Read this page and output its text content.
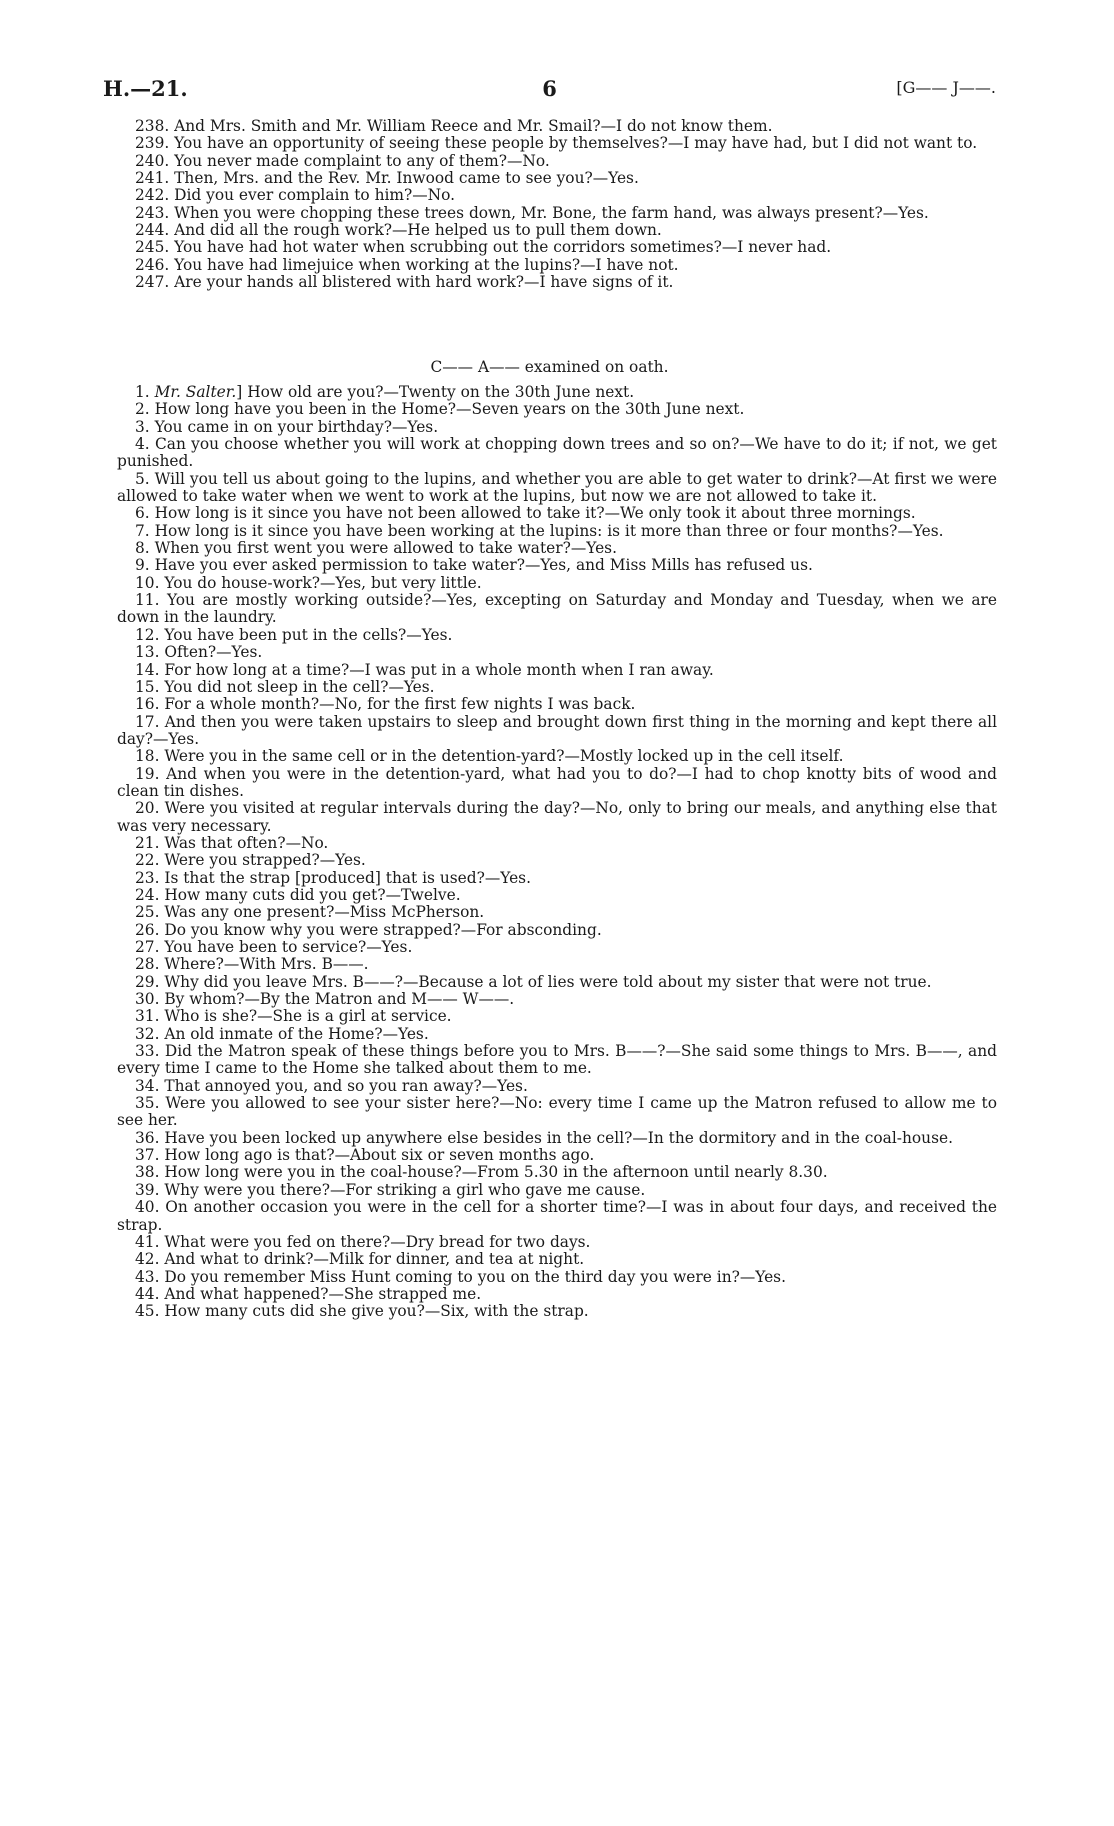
H.—21.	6	[G—— J——.

238. And Mrs. Smith and Mr. William Reece and Mr. Smail?—I do not know them.

239. You have an opportunity of seeing these people by themselves?—I may have had, but I did not want to.

240. You never made complaint to any of them?—No.

241. Then, Mrs. and the Rev. Mr. Inwood came to see you?—Yes.

242. Did you ever complain to him?—No.

243. When you were chopping these trees down, Mr. Bone, the farm hand, was always present?—Yes.

244. And did all the rough work?—He helped us to pull them down.

245. You have had hot water when scrubbing out the corridors sometimes?—I never had.

246. You have had limejuice when working at the lupins?—I have not.

247. Are your hands all blistered with hard work?—I have signs of it.

C—— A—— examined on oath.

1. Mr. Salter.] How old are you?—Twenty on the 30th June next.

2. How long have you been in the Home?—Seven years on the 30th June next.

3. You came in on your birthday?—Yes.

4. Can you choose whether you will work at chopping down trees and so on?—We have to do it; if not, we get punished.

5. Will you tell us about going to the lupins, and whether you are able to get water to drink?—At first we were allowed to take water when we went to work at the lupins, but now we are not allowed to take it.

6. How long is it since you have not been allowed to take it?—We only took it about three mornings.

7. How long is it since you have been working at the lupins: is it more than three or four months?—Yes.

8. When you first went you were allowed to take water?—Yes.

9. Have you ever asked permission to take water?—Yes, and Miss Mills has refused us.

10. You do house-work?—Yes, but very little.

11. You are mostly working outside?—Yes, excepting on Saturday and Monday and Tuesday, when we are down in the laundry.

12. You have been put in the cells?—Yes.

13. Often?—Yes.

14. For how long at a time?—I was put in a whole month when I ran away.

15. You did not sleep in the cell?—Yes.

16. For a whole month?—No, for the first few nights I was back.

17. And then you were taken upstairs to sleep and brought down first thing in the morning and kept there all day?—Yes.

18. Were you in the same cell or in the detention-yard?—Mostly locked up in the cell itself.

19. And when you were in the detention-yard, what had you to do?—I had to chop knotty bits of wood and clean tin dishes.

20. Were you visited at regular intervals during the day?—No, only to bring our meals, and anything else that was very necessary.

21. Was that often?—No.

22. Were you strapped?—Yes.

23. Is that the strap [produced] that is used?—Yes.

24. How many cuts did you get?—Twelve.

25. Was any one present?—Miss McPherson.

26. Do you know why you were strapped?—For absconding.

27. You have been to service?—Yes.

28. Where?—With Mrs. B——.

29. Why did you leave Mrs. B——?—Because a lot of lies were told about my sister that were not true.

30. By whom?—By the Matron and M—— W——.

31. Who is she?—She is a girl at service.

32. An old inmate of the Home?—Yes.

33. Did the Matron speak of these things before you to Mrs. B——?—She said some things to Mrs. B——, and every time I came to the Home she talked about them to me.

34. That annoyed you, and so you ran away?—Yes.

35. Were you allowed to see your sister here?—No: every time I came up the Matron refused to allow me to see her.

36. Have you been locked up anywhere else besides in the cell?—In the dormitory and in the coal-house.

37. How long ago is that?—About six or seven months ago.

38. How long were you in the coal-house?—From 5.30 in the afternoon until nearly 8.30.

39. Why were you there?—For striking a girl who gave me cause.

40. On another occasion you were in the cell for a shorter time?—I was in about four days, and received the strap.

41. What were you fed on there?—Dry bread for two days.

42. And what to drink?—Milk for dinner, and tea at night.

43. Do you remember Miss Hunt coming to you on the third day you were in?—Yes.

44. And what happened?—She strapped me.

45. How many cuts did she give you?—Six, with the strap.
